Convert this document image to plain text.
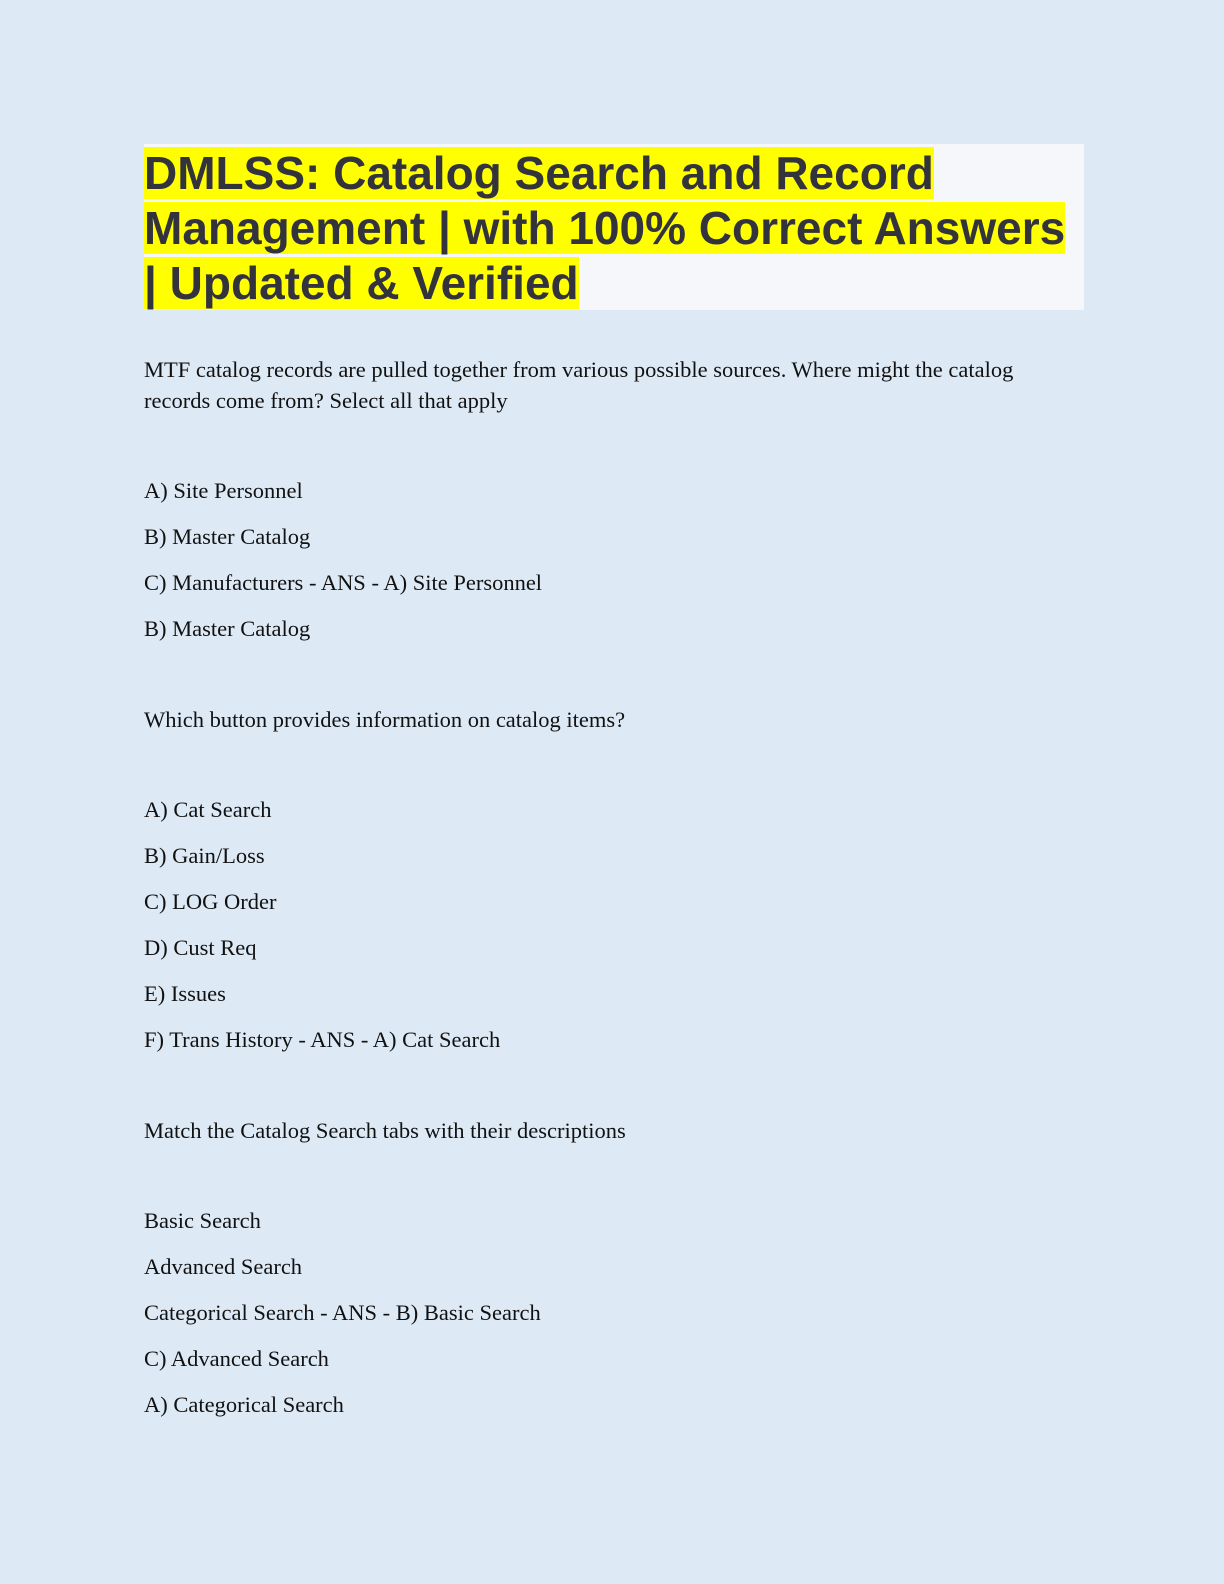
DMLSS: Catalog Search and Record Management | with 100% Correct Answers | Updated & Verified

MTF catalog records are pulled together from various possible sources. Where might the catalog records come from? Select all that apply

A) Site Personnel

B) Master Catalog

C) Manufacturers - ANS - A) Site Personnel

B) Master Catalog

Which button provides information on catalog items?

A) Cat Search

B) Gain/Loss

C) LOG Order

D) Cust Req

E) Issues

F) Trans History - ANS - A) Cat Search

Match the Catalog Search tabs with their descriptions

Basic Search

Advanced Search

Categorical Search - ANS - B) Basic Search

C) Advanced Search

A) Categorical Search
